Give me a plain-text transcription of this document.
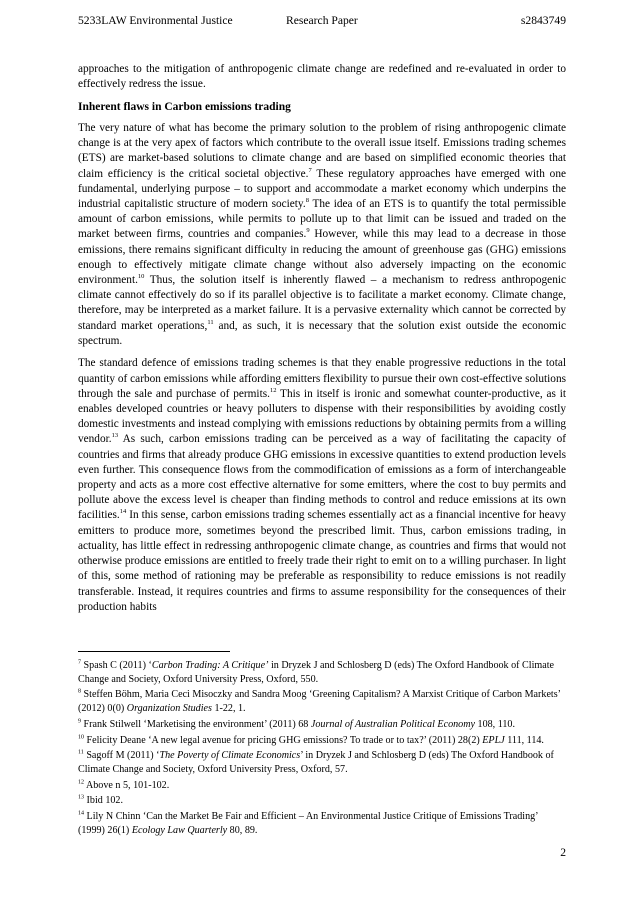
5233LAW Environmental Justice	Research Paper	s2843749

approaches to the mitigation of anthropogenic climate change are redefined and re-evaluated in order to effectively redress the issue.

Inherent flaws in Carbon emissions trading

The very nature of what has become the primary solution to the problem of rising anthropogenic climate change is at the very apex of factors which contribute to the overall issue itself. Emissions trading schemes (ETS) are market-based solutions to climate change and are based on simplified economic theories that claim efficiency is the critical societal objective.$^7$ These regulatory approaches have emerged with one fundamental, underlying purpose – to support and accommodate a market economy which underpins the industrial capitalistic structure of modern society.$^8$ The idea of an ETS is to quantify the total permissible amount of carbon emissions, while permits to pollute up to that limit can be issued and traded on the market between firms, countries and companies.$^9$ However, while this may lead to a decrease in those emissions, there remains significant difficulty in reducing the amount of greenhouse gas (GHG) emissions enough to effectively mitigate climate change without also adversely impacting on the economic environment.$^{10}$ Thus, the solution itself is inherently flawed – a mechanism to redress anthropogenic climate cannot effectively do so if its parallel objective is to facilitate a market economy. Climate change, therefore, may be interpreted as a market failure. It is a pervasive externality which cannot be corrected by standard market operations,$^{11}$ and, as such, it is necessary that the solution exist outside the economic spectrum.

The standard defence of emissions trading schemes is that they enable progressive reductions in the total quantity of carbon emissions while affording emitters flexibility to pursue their own cost-effective solutions through the sale and purchase of permits.$^{12}$ This in itself is ironic and somewhat counter-productive, as it enables developed countries or heavy polluters to dispense with their responsibilities by avoiding costly domestic investments and instead complying with emissions reductions by obtaining permits from a willing vendor.$^{13}$ As such, carbon emissions trading can be perceived as a way of facilitating the capacity of countries and firms that already produce GHG emissions in excessive quantities to extend production levels even further. This consequence flows from the commodification of emissions as a form of interchangeable property and acts as a more cost effective alternative for some emitters, where the cost to buy permits and pollute above the excess level is cheaper than finding methods to control and reduce emissions at its own facilities.$^{14}$ In this sense, carbon emissions trading schemes essentially act as a financial incentive for heavy emitters to produce more, sometimes beyond the prescribed limit. Thus, carbon emissions trading, in actuality, has little effect in redressing anthropogenic climate change, as countries and firms that would not otherwise produce emissions are entitled to freely trade their right to emit on to a willing purchaser. In light of this, some method of rationing may be preferable as responsibility to reduce emissions is not readily transferable. Instead, it requires countries and firms to assume responsibility for the consequences of their production habits

$^7$ Spash C (2011) ‘Carbon Trading: A Critique’ in Dryzek J and Schlosberg D (eds) The Oxford Handbook of Climate Change and Society, Oxford University Press, Oxford, 550.
$^8$ Steffen Böhm, Maria Ceci Misoczky and Sandra Moog ‘Greening Capitalism? A Marxist Critique of Carbon Markets’ (2012) 0(0) Organization Studies 1-22, 1.
$^9$ Frank Stilwell ‘Marketising the environment’ (2011) 68 Journal of Australian Political Economy 108, 110.
$^{10}$ Felicity Deane ‘A new legal avenue for pricing GHG emissions? To trade or to tax?’ (2011) 28(2) EPLJ 111, 114.
$^{11}$ Sagoff M (2011) ‘The Poverty of Climate Economics’ in Dryzek J and Schlosberg D (eds) The Oxford Handbook of Climate Change and Society, Oxford University Press, Oxford, 57.
$^{12}$ Above n 5, 101-102.
$^{13}$ Ibid 102.
$^{14}$ Lily N Chinn ‘Can the Market Be Fair and Efficient – An Environmental Justice Critique of Emissions Trading’ (1999) 26(1) Ecology Law Quarterly 80, 89.
2
